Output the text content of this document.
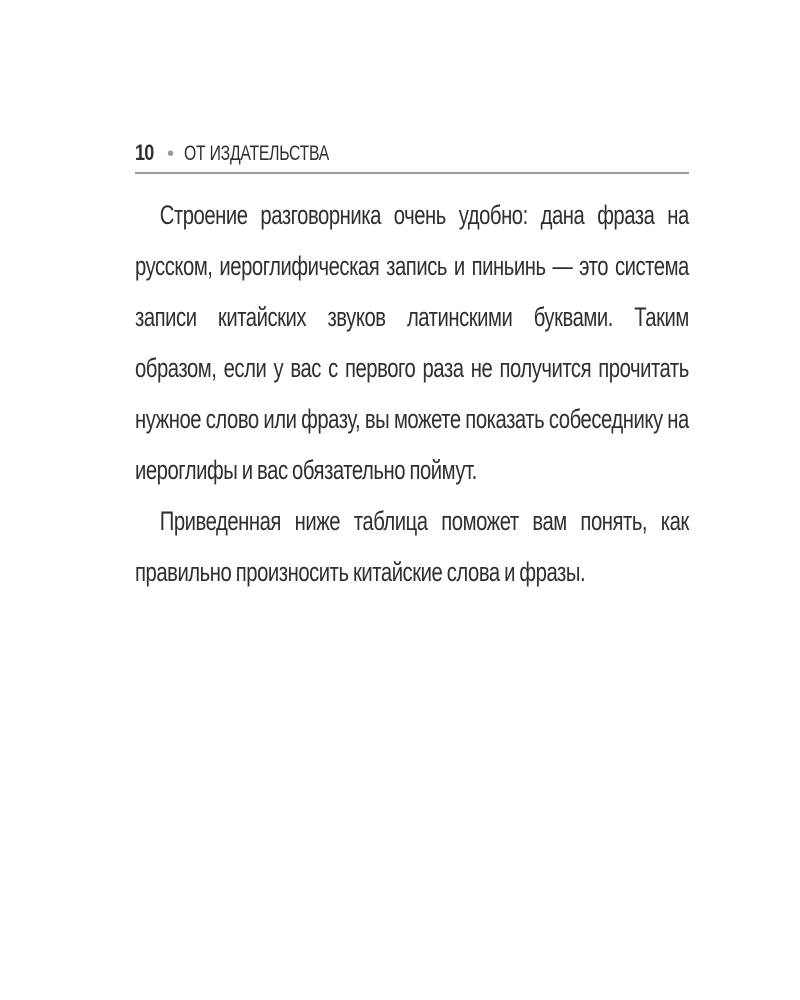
10 • ОТ ИЗДАТЕЛЬСТВА

Строение разговорника очень удобно: дана фраза на русском, иероглифическая запись и пиньинь — это система записи китайских звуков латинскими буквами. Таким образом, если у вас с первого раза не получится прочитать нужное слово или фразу, вы можете показать собеседнику на иероглифы и вас обязательно поймут.

Приведенная ниже таблица поможет вам понять, как правильно произносить китайские слова и фразы.
